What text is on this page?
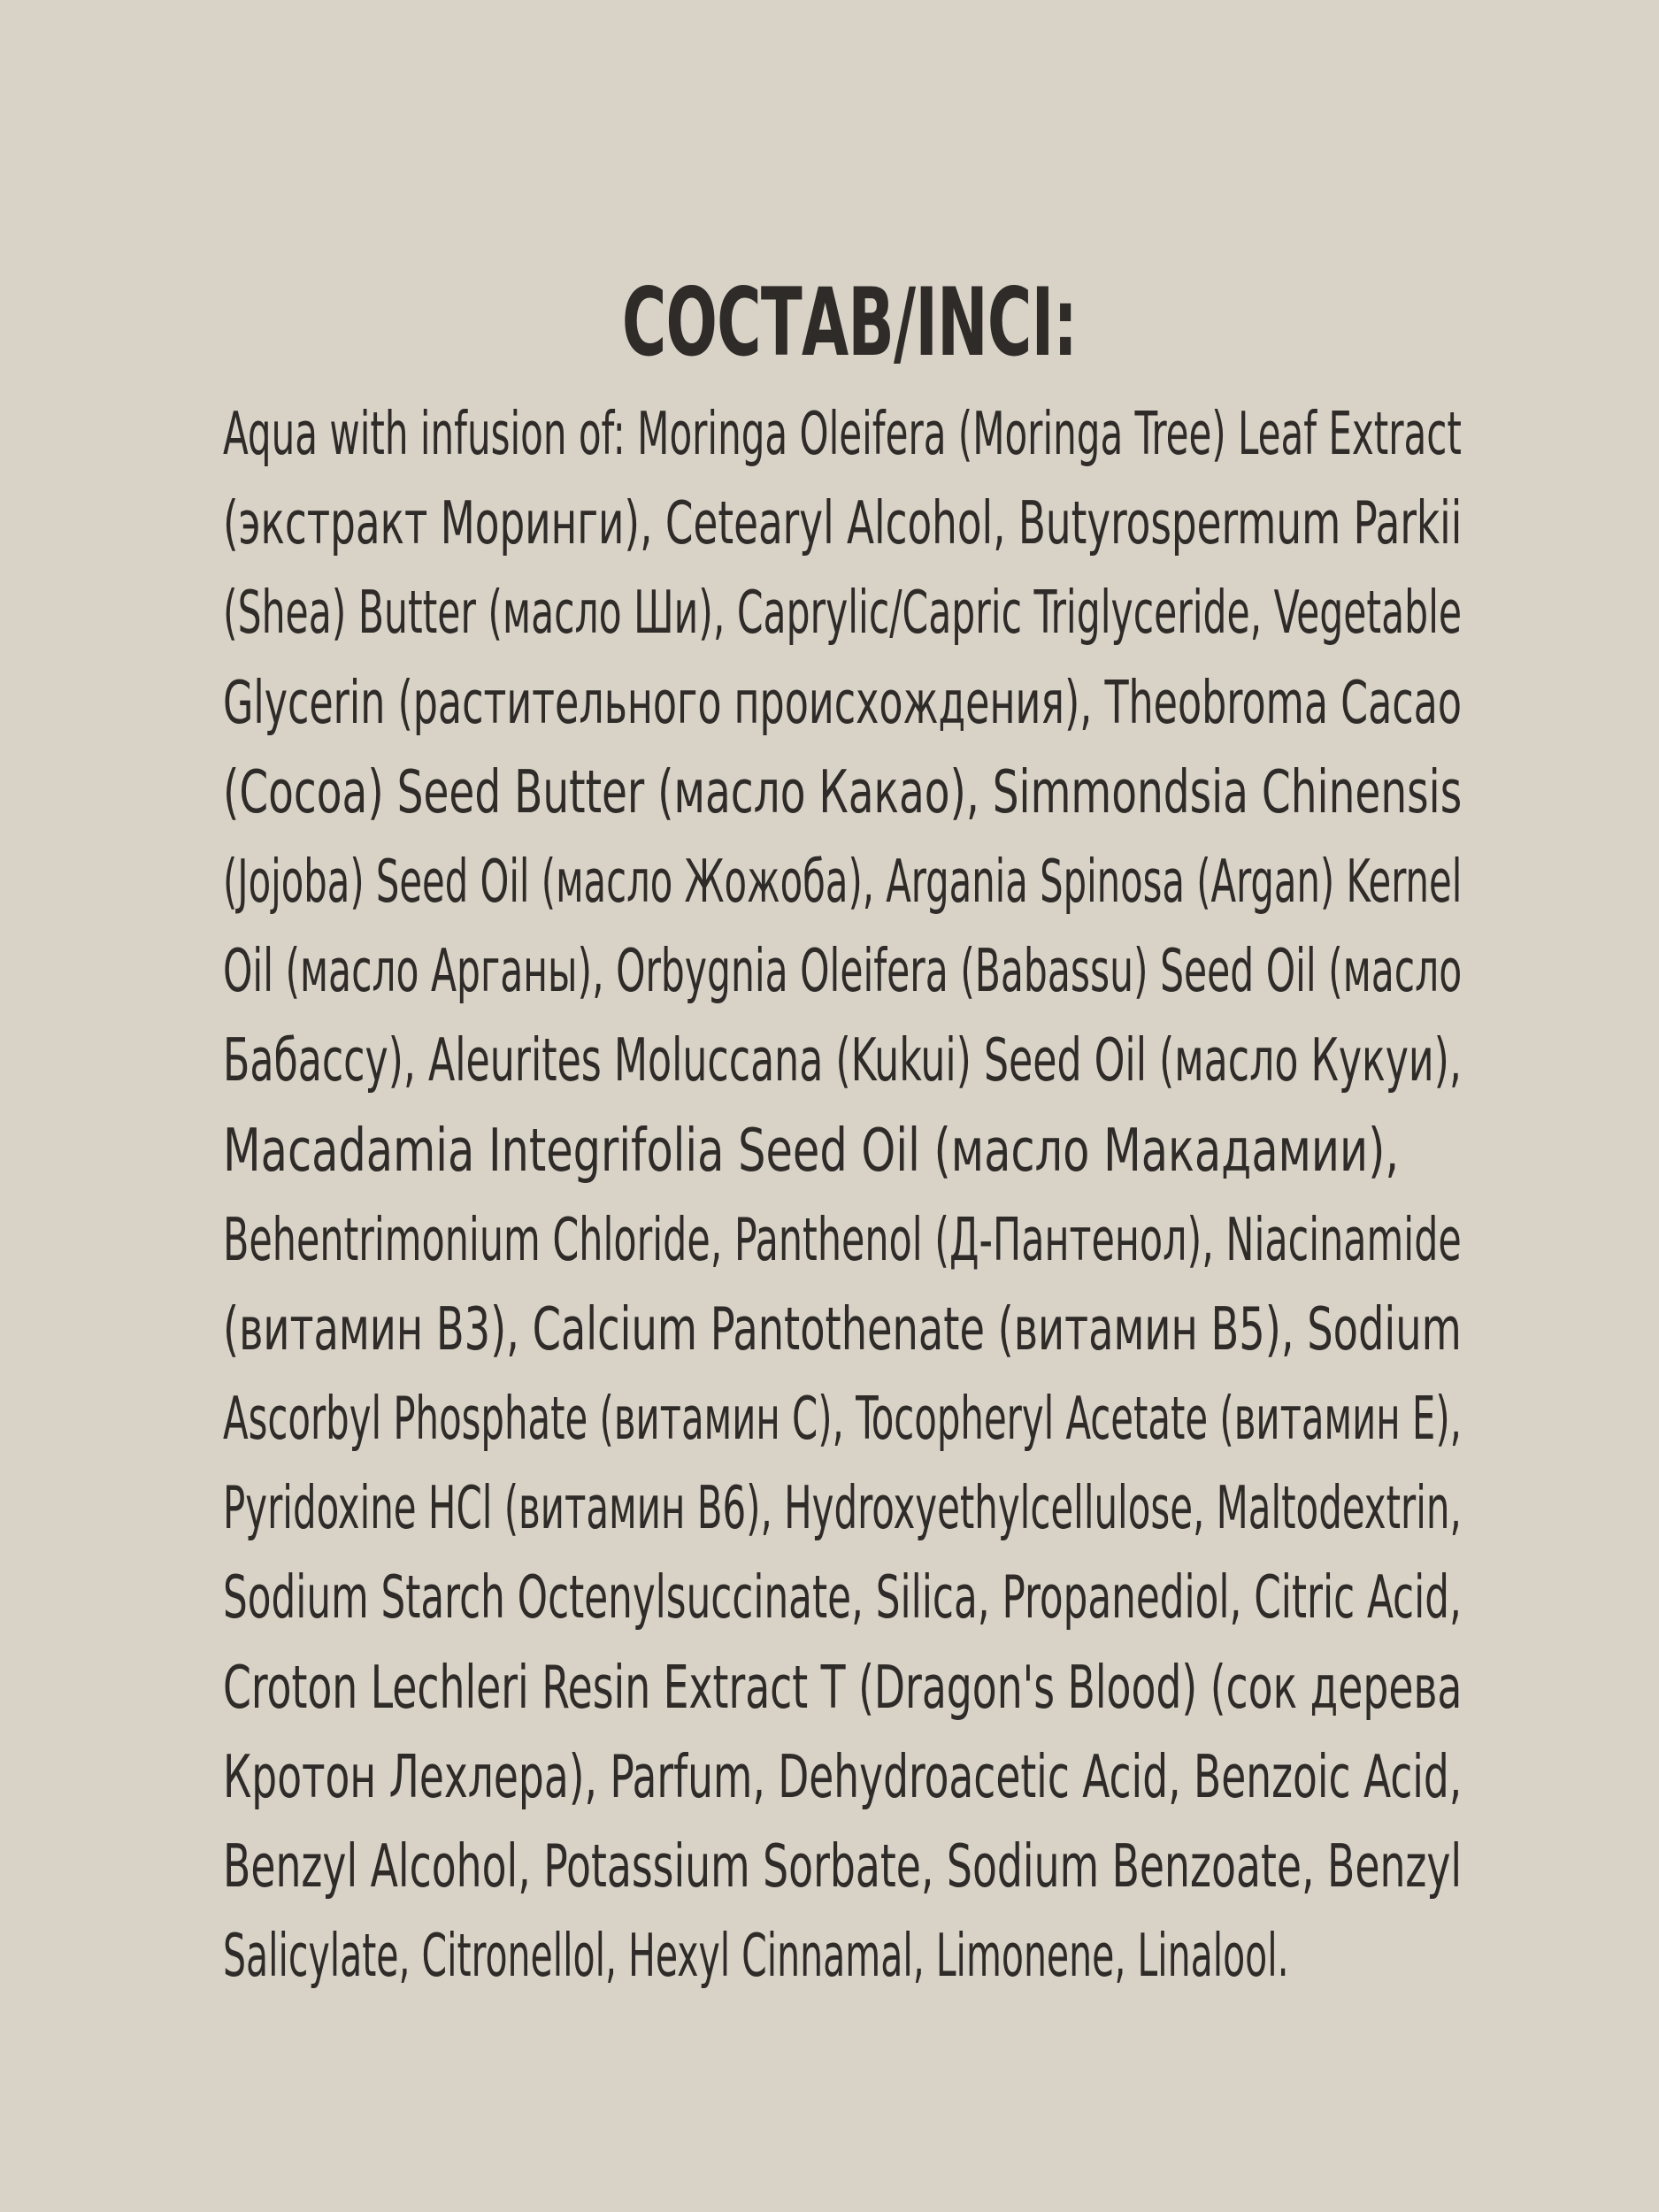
СОСТАВ/INCI:
Aqua with infusion of: Moringa Oleifera (Moringa Tree) Leaf Extract
(экстракт Моринги), Cetearyl Alcohol, Butyrospermum Parkii
(Shea) Butter (масло Ши), Caprylic/Capric Triglyceride, Vegetable
Glycerin (растительного происхождения), Theobroma Cacao
(Cocoa) Seed Butter (масло Какао), Simmondsia Chinensis
(Jojoba) Seed Oil (масло Жожоба), Argania Spinosa (Argan) Kernel
Oil (масло Арганы), Orbygnia Oleifera (Babassu) Seed Oil (масло
Бабассу), Aleurites Moluccana (Kukui) Seed Oil (масло Кукуи),
Macadamia Integrifolia Seed Oil (масло Макадамии),
Behentrimonium Chloride, Panthenol (Д-Пантенол), Niacinamide
(витамин В3), Calcium Pantothenate (витамин В5), Sodium
Ascorbyl Phosphate (витамин С), Tocopheryl Acetate (витамин Е),
Pyridoxine HCl (витамин В6), Hydroxyethylcellulose, Maltodextrin,
Sodium Starch Octenylsuccinate, Silica, Propanediol, Citric Acid,
Croton Lechleri Resin Extract T (Dragon's Blood) (сок дерева
Кротон Лехлера), Parfum, Dehydroacetic Acid, Benzoic Acid,
Benzyl Alcohol, Potassium Sorbate, Sodium Benzoate, Benzyl
Salicylate, Citronellol, Hexyl Cinnamal, Limonene, Linalool.
